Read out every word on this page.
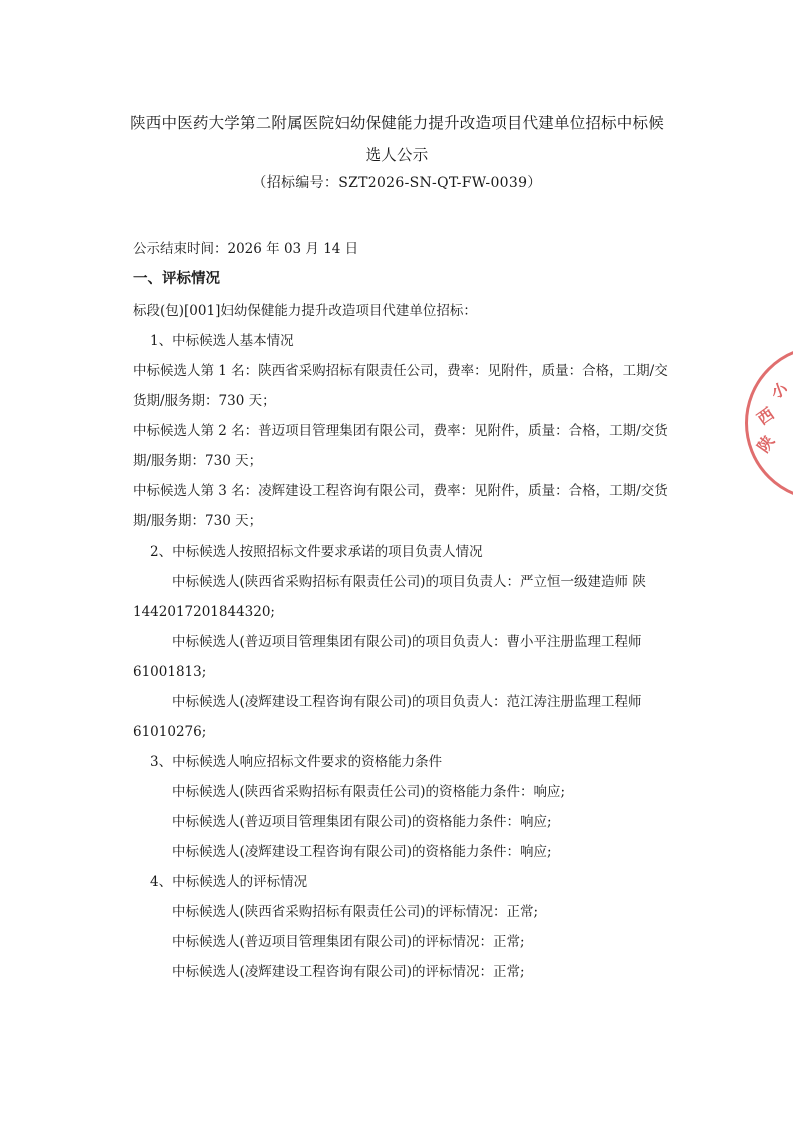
陕西中医药大学第二附属医院妇幼保健能力提升改造项目代建单位招标中标候
选人公示
（招标编号：SZT2026-SN-QT-FW-0039）
公示结束时间：2026 年 03 月 14 日
一、评标情况
标段(包)[001]妇幼保健能力提升改造项目代建单位招标：
1、中标候选人基本情况
中标候选人第 1 名：陕西省采购招标有限责任公司，费率：见附件，质量：合格，工期/交
货期/服务期：730 天；
中标候选人第 2 名：普迈项目管理集团有限公司，费率：见附件，质量：合格，工期/交货
期/服务期：730 天；
中标候选人第 3 名：凌辉建设工程咨询有限公司，费率：见附件，质量：合格，工期/交货
期/服务期：730 天；
2、中标候选人按照招标文件要求承诺的项目负责人情况
中标候选人(陕西省采购招标有限责任公司)的项目负责人：严立恒一级建造师 陕
1442017201844320;
中标候选人(普迈项目管理集团有限公司)的项目负责人：曹小平注册监理工程师
61001813;
中标候选人(凌辉建设工程咨询有限公司)的项目负责人：范江涛注册监理工程师
61010276;
3、中标候选人响应招标文件要求的资格能力条件
中标候选人(陕西省采购招标有限责任公司)的资格能力条件：响应;
中标候选人(普迈项目管理集团有限公司)的资格能力条件：响应;
中标候选人(凌辉建设工程咨询有限公司)的资格能力条件：响应;
4、中标候选人的评标情况
中标候选人(陕西省采购招标有限责任公司)的评标情况：正常;
中标候选人(普迈项目管理集团有限公司)的评标情况：正常;
中标候选人(凌辉建设工程咨询有限公司)的评标情况：正常;
小
西
陕
